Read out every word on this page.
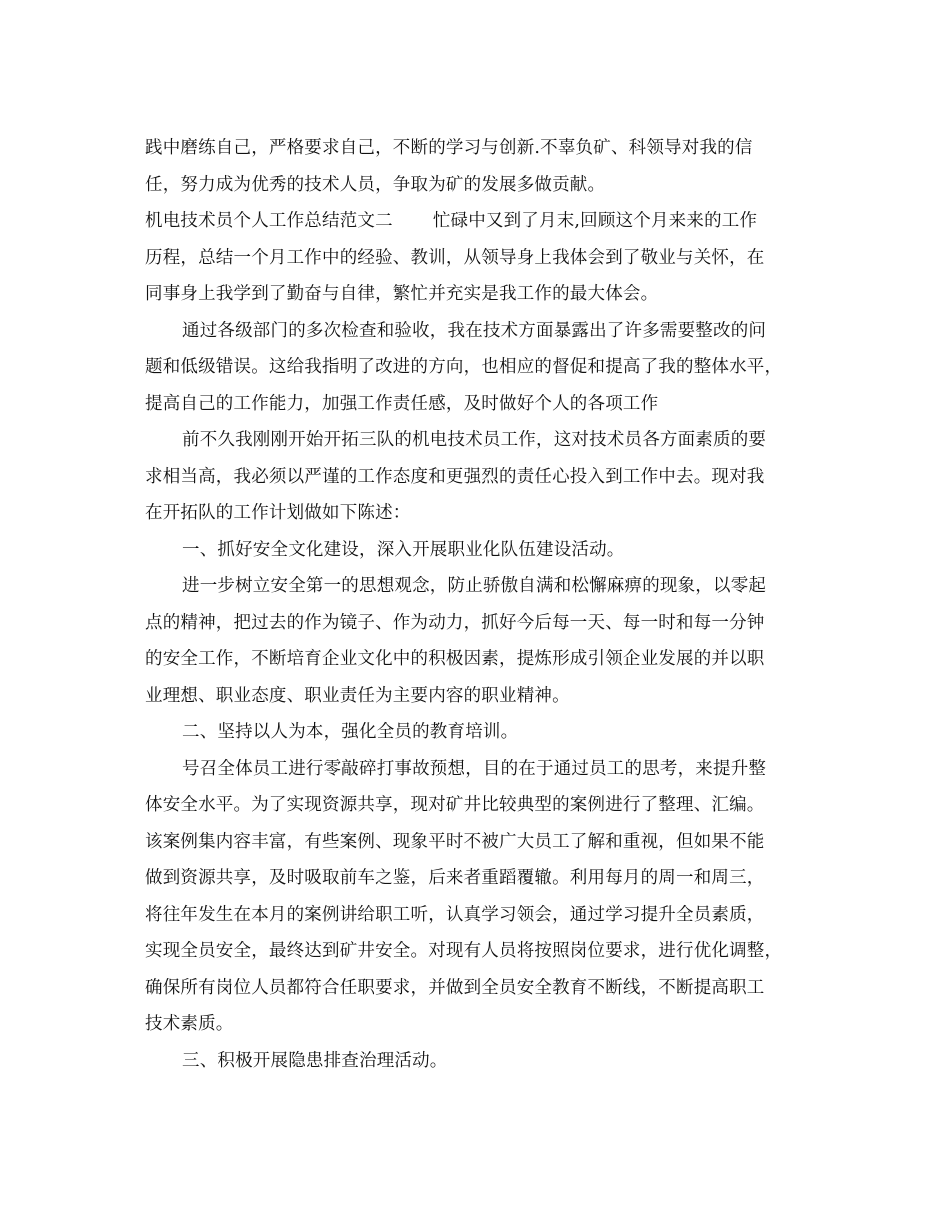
践中磨练自己，严格要求自己，不断的学习与创新.不辜负矿、科领导对我的信
任，努力成为优秀的技术人员，争取为矿的发展多做贡献。
机电技术员个人工作总结范文二 忙碌中又到了月末,回顾这个月来来的工作
历程，总结一个月工作中的经验、教训，从领导身上我体会到了敬业与关怀，在
同事身上我学到了勤奋与自律，繁忙并充实是我工作的最大体会。
通过各级部门的多次检查和验收，我在技术方面暴露出了许多需要整改的问
题和低级错误。这给我指明了改进的方向，也相应的督促和提高了我的整体水平，
提高自己的工作能力，加强工作责任感，及时做好个人的各项工作
前不久我刚刚开始开拓三队的机电技术员工作，这对技术员各方面素质的要
求相当高，我必须以严谨的工作态度和更强烈的责任心投入到工作中去。现对我
在开拓队的工作计划做如下陈述：
一、抓好安全文化建设，深入开展职业化队伍建设活动。
进一步树立安全第一的思想观念，防止骄傲自满和松懈麻痹的现象，以零起
点的精神，把过去的作为镜子、作为动力，抓好今后每一天、每一时和每一分钟
的安全工作，不断培育企业文化中的积极因素，提炼形成引领企业发展的并以职
业理想、职业态度、职业责任为主要内容的职业精神。
二、坚持以人为本，强化全员的教育培训。
号召全体员工进行零敲碎打事故预想，目的在于通过员工的思考，来提升整
体安全水平。为了实现资源共享，现对矿井比较典型的案例进行了整理、汇编。
该案例集内容丰富，有些案例、现象平时不被广大员工了解和重视，但如果不能
做到资源共享，及时吸取前车之鉴，后来者重蹈覆辙。利用每月的周一和周三，
将往年发生在本月的案例讲给职工听，认真学习领会，通过学习提升全员素质，
实现全员安全，最终达到矿井安全。对现有人员将按照岗位要求，进行优化调整，
确保所有岗位人员都符合任职要求，并做到全员安全教育不断线，不断提高职工
技术素质。
三、积极开展隐患排查治理活动。
